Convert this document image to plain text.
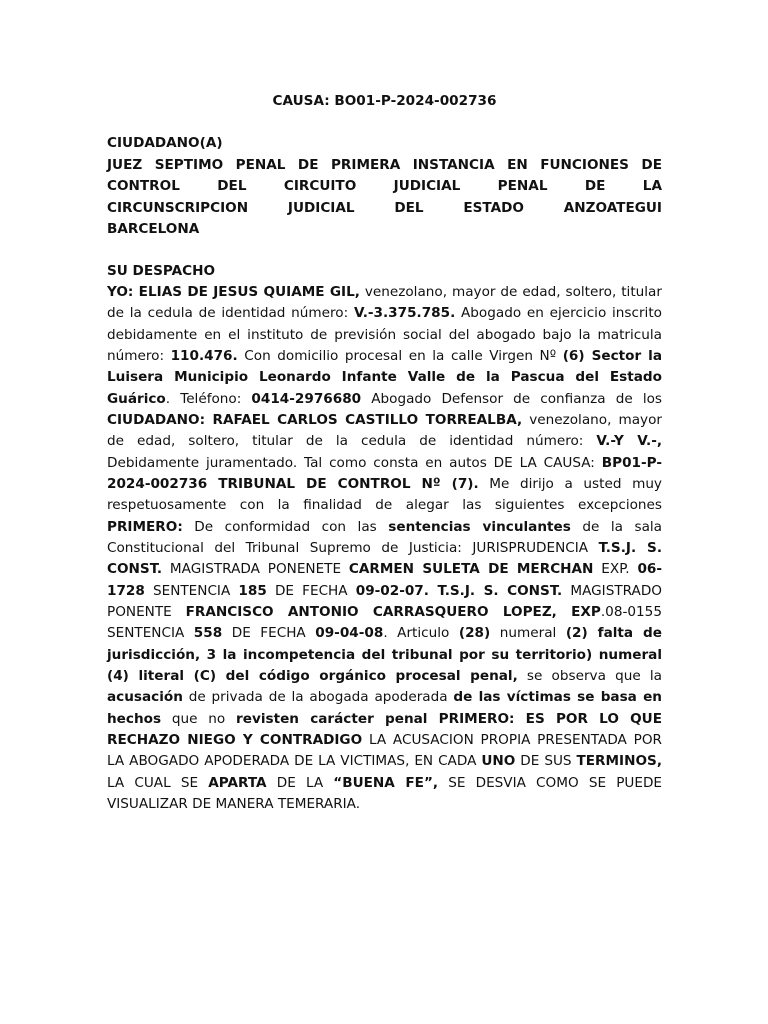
CAUSA: BO01-P-2024-002736
CIUDADANO(A)
JUEZ SEPTIMO PENAL DE PRIMERA INSTANCIA EN FUNCIONES DE
CONTROL DEL CIRCUITO JUDICIAL PENAL DE LA
CIRCUNSCRIPCION JUDICIAL DEL ESTADO ANZOATEGUI
BARCELONA
SU DESPACHO

YO: ELIAS DE JESUS QUIAME GIL, venezolano, mayor de edad, soltero, titular de la cedula de identidad número: V.-3.375.785. Abogado en ejercicio inscrito debidamente en el instituto de previsión social del abogado bajo la matricula número: 110.476. Con domicilio procesal en la calle Virgen Nº (6) Sector la Luisera Municipio Leonardo Infante Valle de la Pascua del Estado Guárico. Teléfono: 0414-2976680 Abogado Defensor de confianza de los CIUDADANO: RAFAEL CARLOS CASTILLO TORREALBA, venezolano, mayor de edad, soltero, titular de la cedula de identidad número: V.-Y V.-, Debidamente juramentado. Tal como consta en autos DE LA CAUSA: BP01-P-2024-002736 TRIBUNAL DE CONTROL Nº (7). Me dirijo a usted muy respetuosamente con la finalidad de alegar las siguientes excepciones PRIMERO: De conformidad con las sentencias vinculantes de la sala Constitucional del Tribunal Supremo de Justicia: JURISPRUDENCIA T.S.J. S. CONST. MAGISTRADA PONENETE CARMEN SULETA DE MERCHAN EXP. 06-1728 SENTENCIA 185 DE FECHA 09-02-07. T.S.J. S. CONST. MAGISTRADO PONENTE FRANCISCO ANTONIO CARRASQUERO LOPEZ, EXP.08-0155 SENTENCIA 558 DE FECHA 09-04-08. Articulo (28) numeral (2) falta de jurisdicción, 3 la incompetencia del tribunal por su territorio) numeral (4) literal (C) del código orgánico procesal penal, se observa que la acusación de privada de la abogada apoderada de las víctimas se basa en hechos que no revisten carácter penal PRIMERO: ES POR LO QUE RECHAZO NIEGO Y CONTRADIGO LA ACUSACION PROPIA PRESENTADA POR LA ABOGADO APODERADA DE LA VICTIMAS, EN CADA UNO DE SUS TERMINOS, LA CUAL SE APARTA DE LA “BUENA FE”, SE DESVIA COMO SE PUEDE VISUALIZAR DE MANERA TEMERARIA.
